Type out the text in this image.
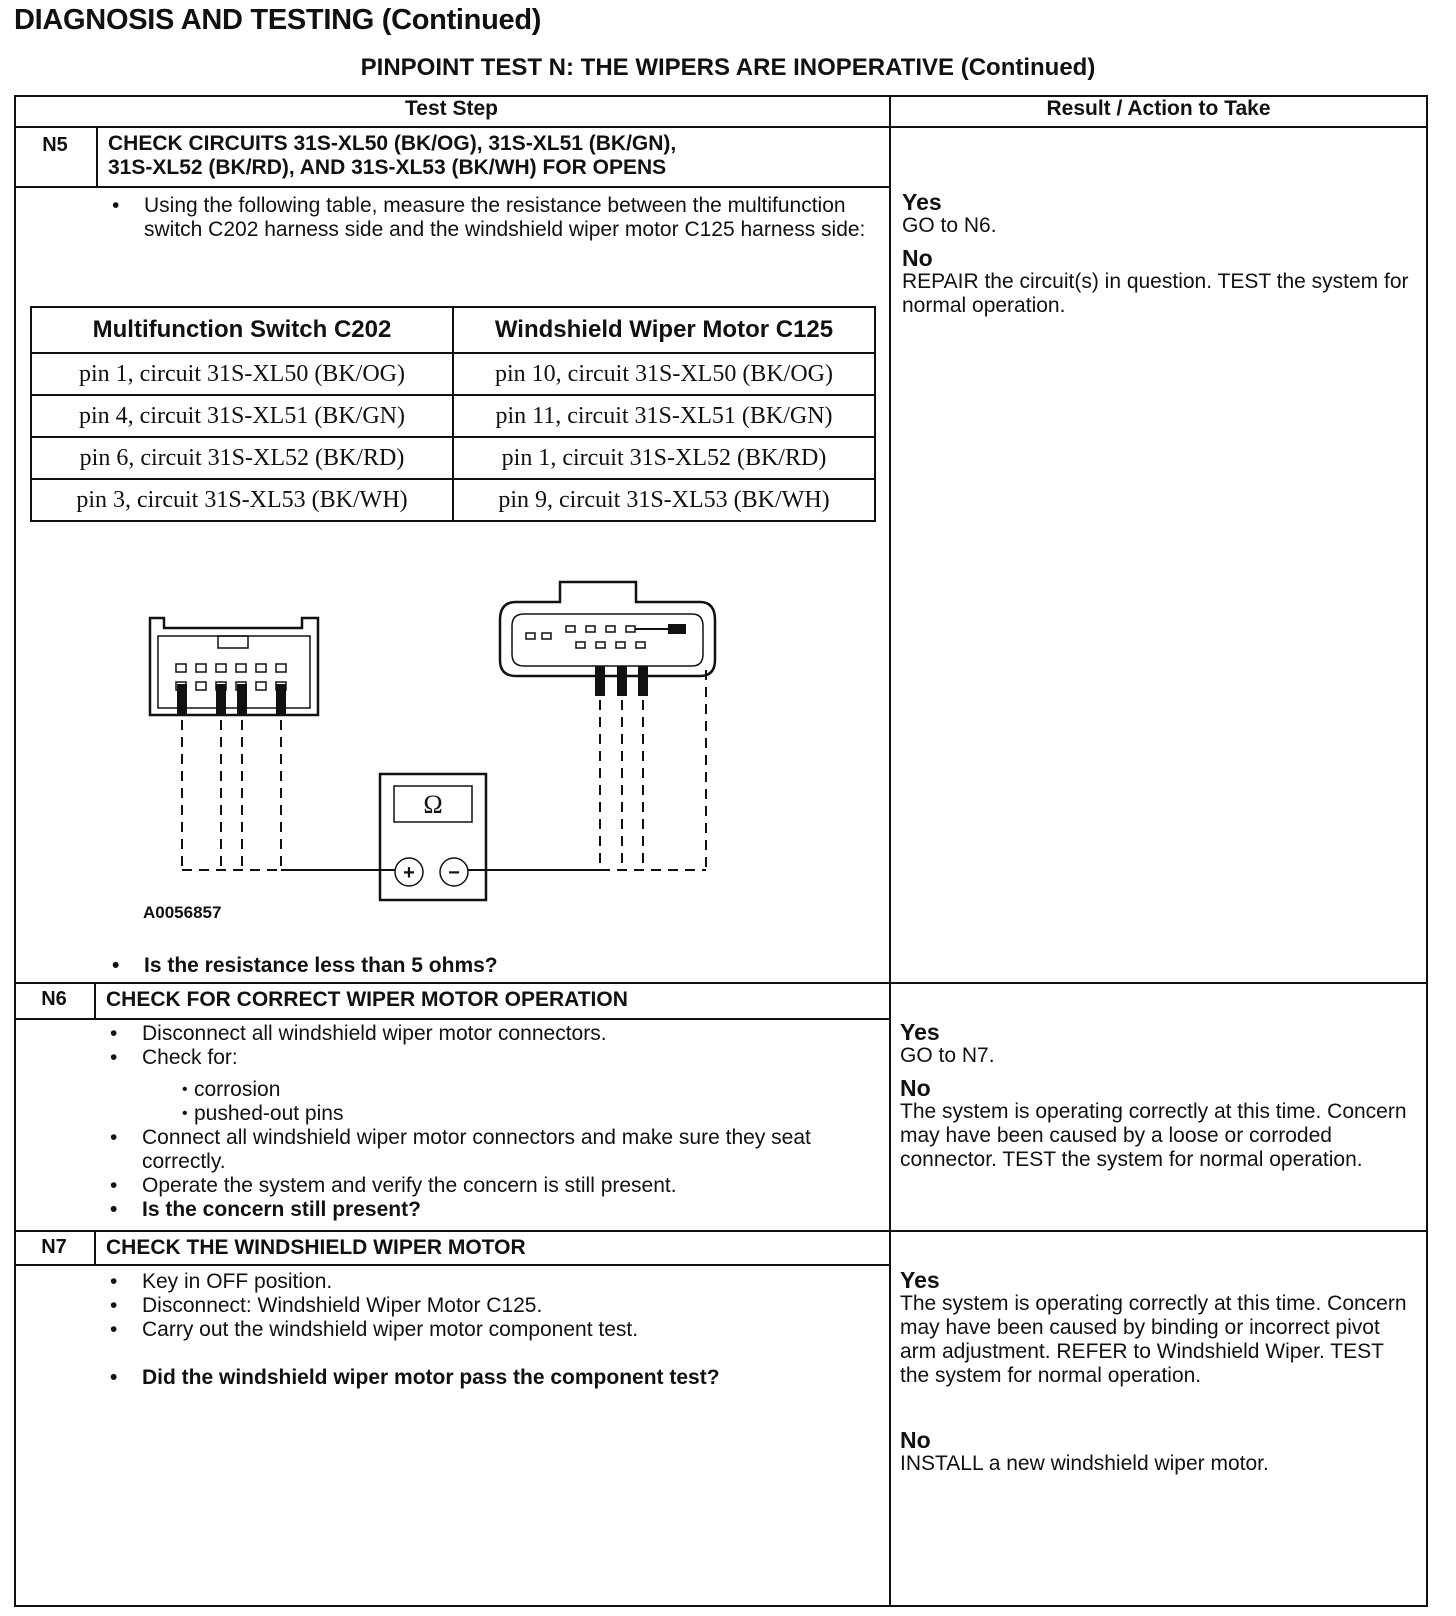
DIAGNOSIS AND TESTING (Continued)
PINPOINT TEST N: THE WIPERS ARE INOPERATIVE (Continued)
Test Step	Result / Action to Take
N5	CHECK CIRCUITS 31S-XL50 (BK/OG), 31S-XL51 (BK/GN),
31S-XL52 (BK/RD), AND 31S-XL53 (BK/WH) FOR OPENS
• Using the following table, measure the resistance between the multifunction switch C202 harness side and the windshield wiper motor C125 harness side:
Multifunction Switch C202	Windshield Wiper Motor C125
pin 1, circuit 31S-XL50 (BK/OG)	pin 10, circuit 31S-XL50 (BK/OG)
pin 4, circuit 31S-XL51 (BK/GN)	pin 11, circuit 31S-XL51 (BK/GN)
pin 6, circuit 31S-XL52 (BK/RD)	pin 1, circuit 31S-XL52 (BK/RD)
pin 3, circuit 31S-XL53 (BK/WH)	pin 9, circuit 31S-XL53 (BK/WH)
Ω
+ −
A0056857
• Is the resistance less than 5 ohms?
Yes
GO to N6.
No
REPAIR the circuit(s) in question. TEST the system for normal operation.
N6	CHECK FOR CORRECT WIPER MOTOR OPERATION
• Disconnect all windshield wiper motor connectors.
• Check for:
• corrosion
• pushed-out pins
• Connect all windshield wiper motor connectors and make sure they seat correctly.
• Operate the system and verify the concern is still present.
• Is the concern still present?
Yes
GO to N7.
No
The system is operating correctly at this time. Concern may have been caused by a loose or corroded connector. TEST the system for normal operation.
N7	CHECK THE WINDSHIELD WIPER MOTOR
• Key in OFF position.
• Disconnect: Windshield Wiper Motor C125.
• Carry out the windshield wiper motor component test.
• Did the windshield wiper motor pass the component test?
Yes
The system is operating correctly at this time. Concern may have been caused by binding or incorrect pivot arm adjustment. REFER to Windshield Wiper. TEST the system for normal operation.
No
INSTALL a new windshield wiper motor.
